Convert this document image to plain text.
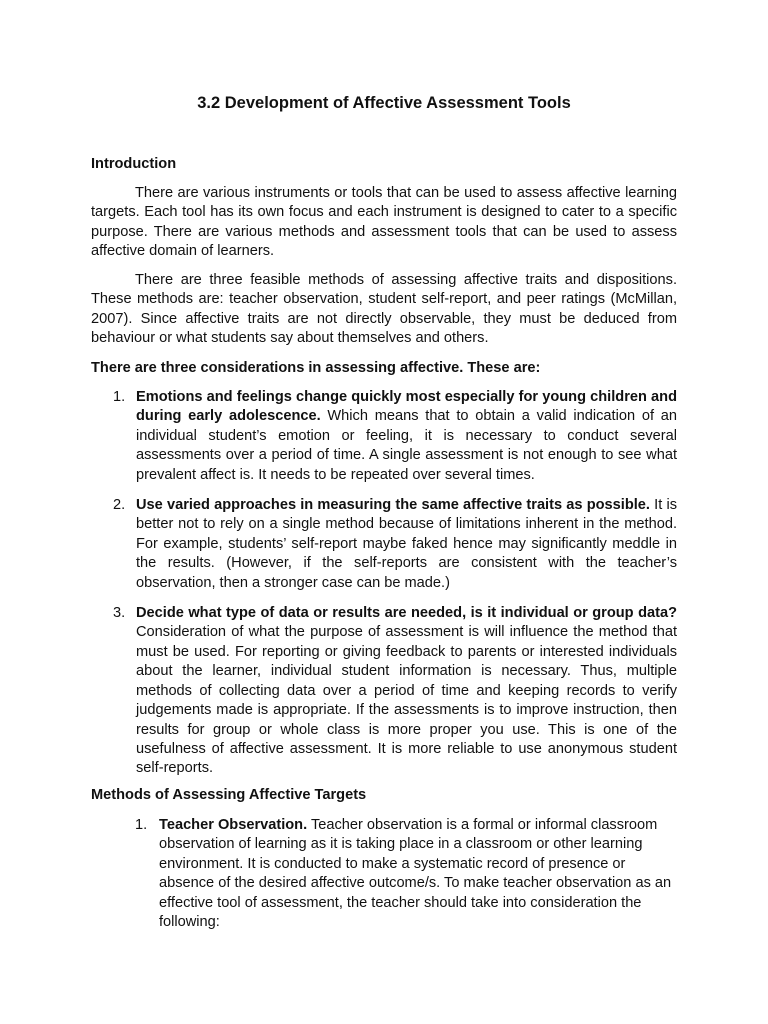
3.2 Development of Affective Assessment Tools
Introduction

There are various instruments or tools that can be used to assess affective learning targets. Each tool has its own focus and each instrument is designed to cater to a specific purpose. There are various methods and assessment tools that can be used to assess affective domain of learners.

There are three feasible methods of assessing affective traits and dispositions. These methods are: teacher observation, student self-report, and peer ratings (McMillan, 2007). Since affective traits are not directly observable, they must be deduced from behaviour or what students say about themselves and others.

There are three considerations in assessing affective. These are:
1. Emotions and feelings change quickly most especially for young children and during early adolescence. Which means that to obtain a valid indication of an individual student’s emotion or feeling, it is necessary to conduct several assessments over a period of time. A single assessment is not enough to see what prevalent affect is. It needs to be repeated over several times.

2. Use varied approaches in measuring the same affective traits as possible. It is better not to rely on a single method because of limitations inherent in the method. For example, students’ self-report maybe faked hence may significantly meddle in the results. (However, if the self-reports are consistent with the teacher’s observation, then a stronger case can be made.)

3. Decide what type of data or results are needed, is it individual or group data? Consideration of what the purpose of assessment is will influence the method that must be used. For reporting or giving feedback to parents or interested individuals about the learner, individual student information is necessary. Thus, multiple methods of collecting data over a period of time and keeping records to verify judgements made is appropriate. If the assessments is to improve instruction, then results for group or whole class is more proper you use. This is one of the usefulness of affective assessment. It is more reliable to use anonymous student self-reports.

Methods of Assessing Affective Targets
1. Teacher Observation. Teacher observation is a formal or informal classroom observation of learning as it is taking place in a classroom or other learning environment. It is conducted to make a systematic record of presence or absence of the desired affective outcome/s. To make teacher observation as an effective tool of assessment, the teacher should take into consideration the following:
